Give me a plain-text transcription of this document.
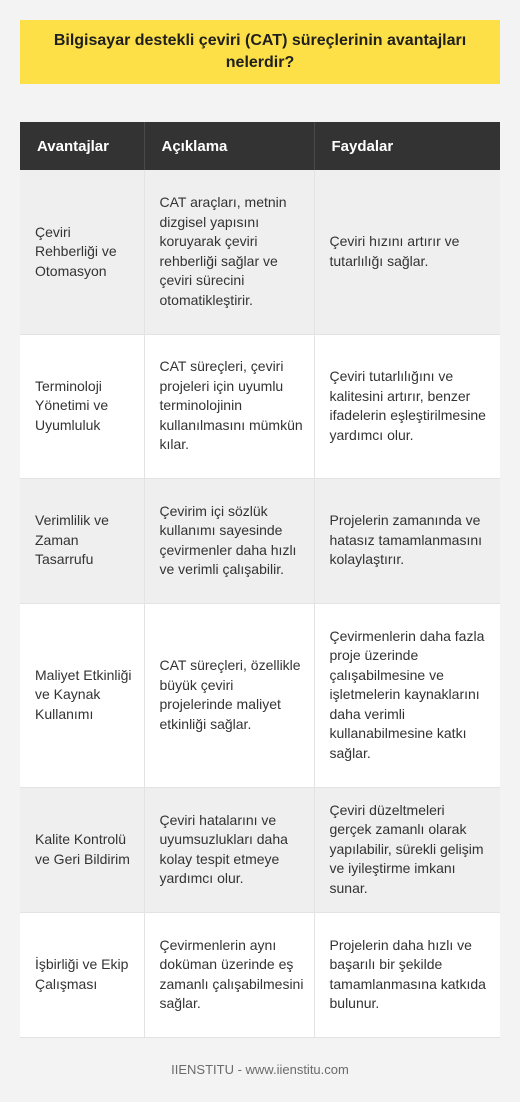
Bilgisayar destekli çeviri (CAT) süreçlerinin avantajları nelerdir?
Avantajlar	Açıklama	Faydalar
Çeviri Rehberliği ve Otomasyon	CAT araçları, metnin dizgisel yapısını koruyarak çeviri rehberliği sağlar ve çeviri sürecini otomatikleştirir.	Çeviri hızını artırır ve tutarlılığı sağlar.
Terminoloji Yönetimi ve Uyumluluk	CAT süreçleri, çeviri projeleri için uyumlu terminolojinin kullanılmasını mümkün kılar.	Çeviri tutarlılığını ve kalitesini artırır, benzer ifadelerin eşleştirilmesine yardımcı olur.
Verimlilik ve Zaman Tasarrufu	Çevirim içi sözlük kullanımı sayesinde çevirmenler daha hızlı ve verimli çalışabilir.	Projelerin zamanında ve hatasız tamamlanmasını kolaylaştırır.
Maliyet Etkinliği ve Kaynak Kullanımı	CAT süreçleri, özellikle büyük çeviri projelerinde maliyet etkinliği sağlar.	Çevirmenlerin daha fazla proje üzerinde çalışabilmesine ve işletmelerin kaynaklarını daha verimli kullanabilmesine katkı sağlar.
Kalite Kontrolü ve Geri Bildirim	Çeviri hatalarını ve uyumsuzlukları daha kolay tespit etmeye yardımcı olur.	Çeviri düzeltmeleri gerçek zamanlı olarak yapılabilir, sürekli gelişim ve iyileştirme imkanı sunar.
İşbirliği ve Ekip Çalışması	Çevirmenlerin aynı doküman üzerinde eş zamanlı çalışabilmesini sağlar.	Projelerin daha hızlı ve başarılı bir şekilde tamamlanmasına katkıda bulunur.
IIENSTITU - www.iienstitu.com
